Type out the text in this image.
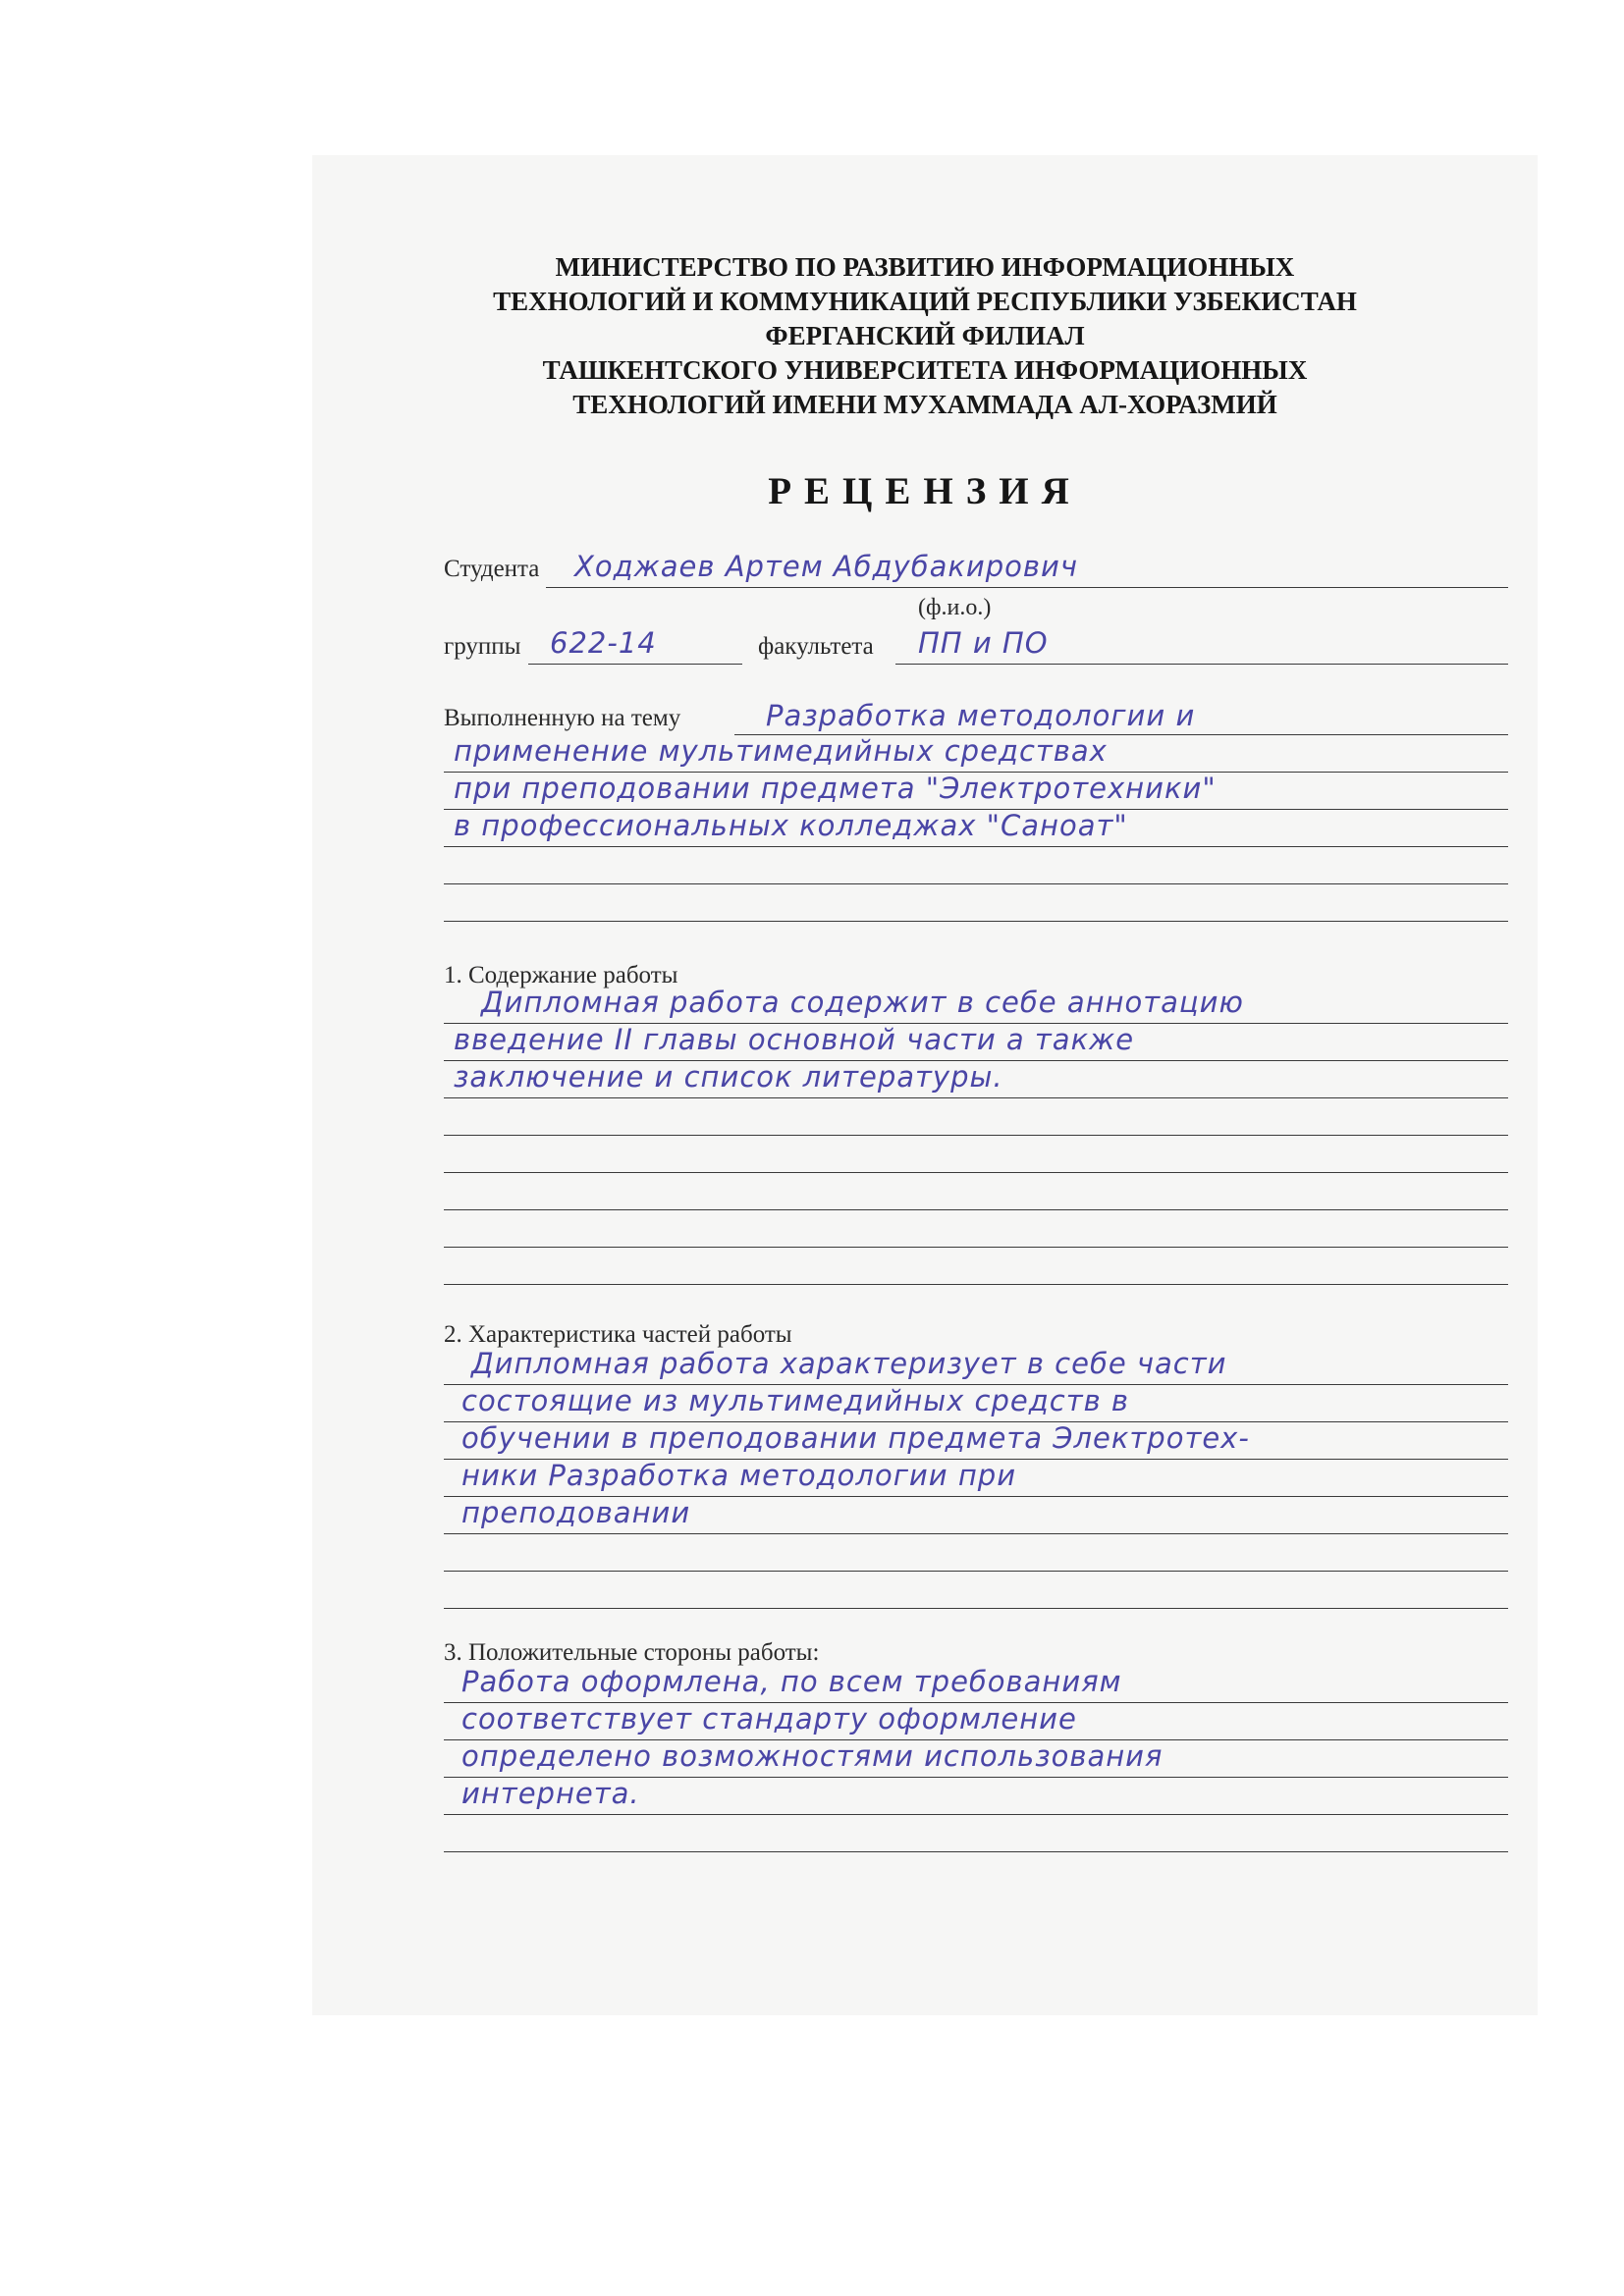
МИНИСТЕРСТВО ПО РАЗВИТИЮ ИНФОРМАЦИОННЫХ
ТЕХНОЛОГИЙ И КОММУНИКАЦИЙ РЕСПУБЛИКИ УЗБЕКИСТАН
ФЕРГАНСКИЙ ФИЛИАЛ
ТАШКЕНТСКОГО УНИВЕРСИТЕТА ИНФОРМАЦИОННЫХ
ТЕХНОЛОГИЙ ИМЕНИ МУХАММАДА АЛ-ХОРАЗМИЙ
РЕЦЕНЗИЯ
Студента Ходжаев Артем Абдубакирович
(ф.и.о.)
группы 622-14	факультета ПП и ПО
Выполненную на тему	Разработка методологии и
применение мультимедийных средствах
при преподовании предмета "Электротехники"
в профессиональных колледжах "Саноат"
1. Содержание работы
Дипломная работа содержит в себе аннотацию
введение II главы основной части а также
заключение и список литературы.
2. Характеристика частей работы
Дипломная работа характеризует в себе части
состоящие из мультимедийных средств в
обучении в преподовании предмета Электротех-
ники Разработка методологии при
преподовании
3. Положительные стороны работы:
Работа оформлена, по всем требованиям
соответствует стандарту оформление
определено возможностями использования
интернета.
